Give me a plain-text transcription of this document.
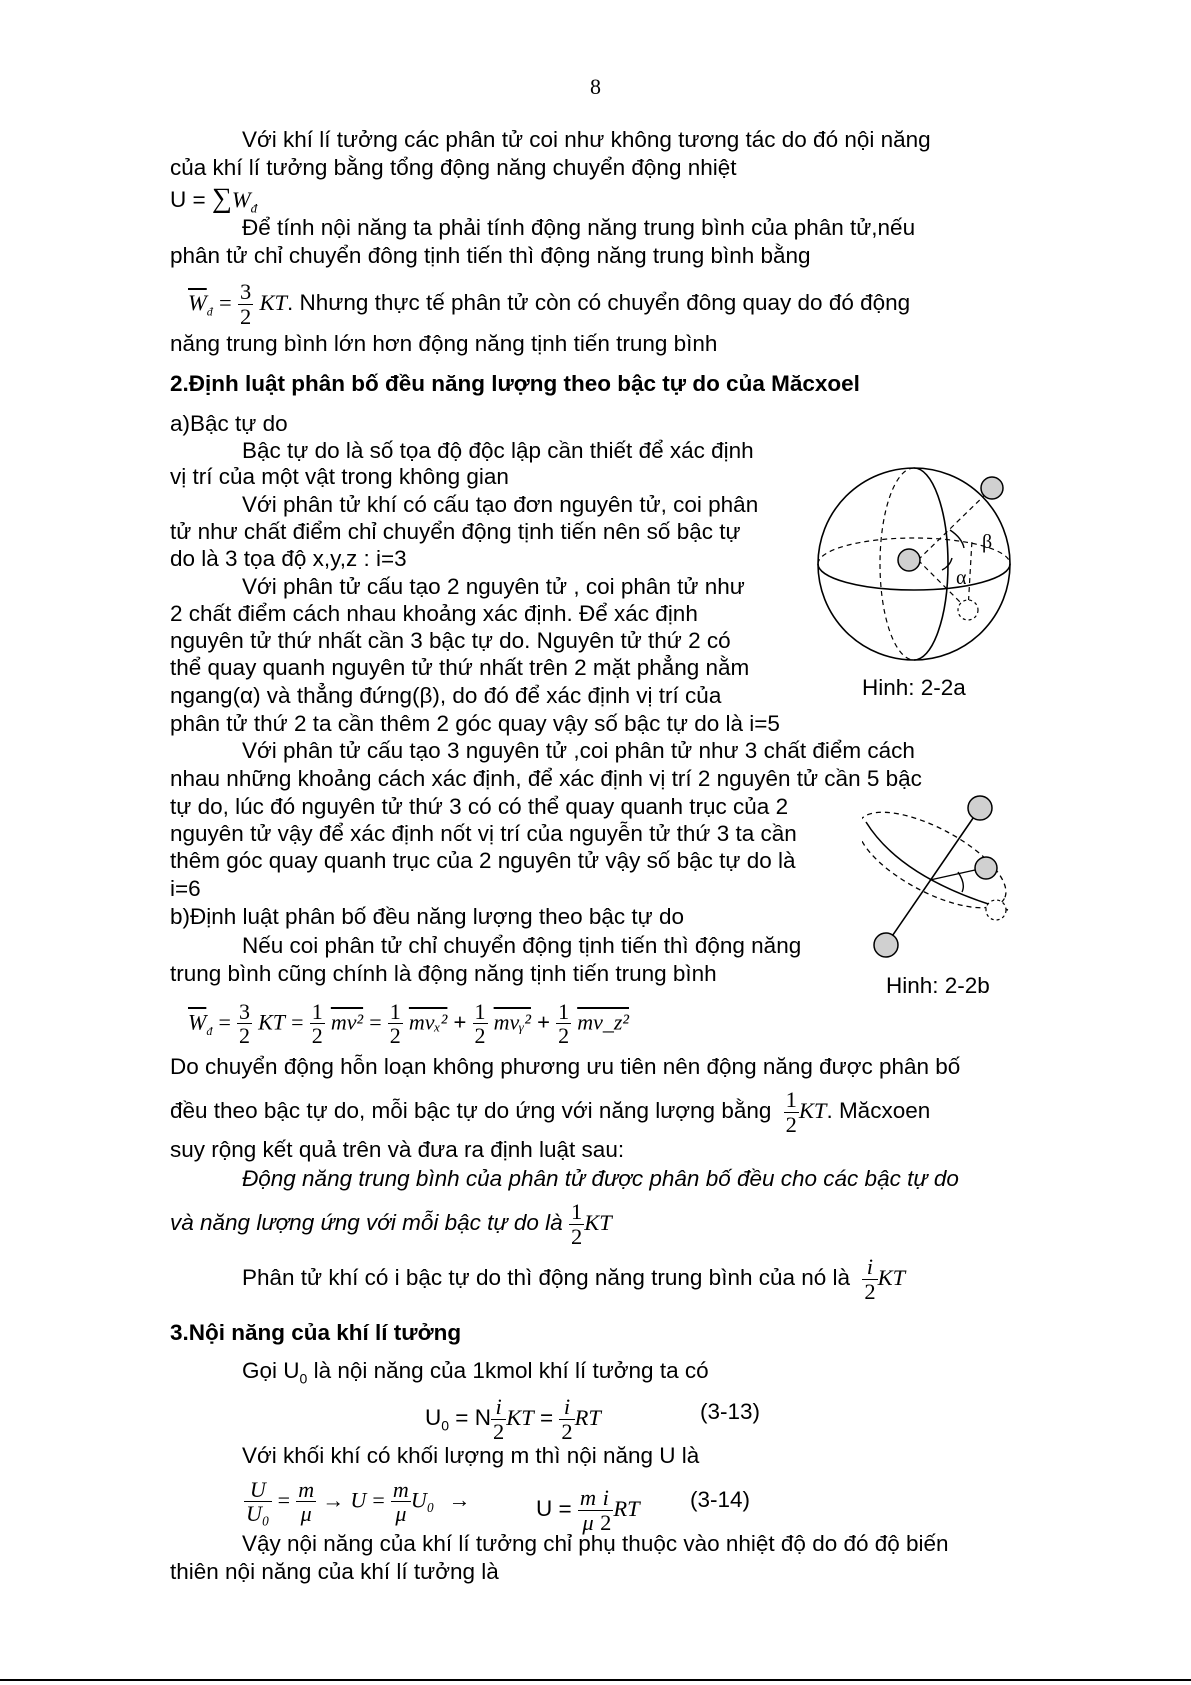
8
Với khí lí tưởng các phân tử coi như không tương tác do đó nội năng
của khí lí tưởng bằng tổng động năng chuyển động nhiệt
$U = \sum W_đ$
Để tính nội năng ta phải tính động năng trung bình của phân tử,nếu
phân tử chỉ chuyển đông tịnh tiến thì động năng trung bình bằng
$\overline{W}_đ = \frac{3}{2}$ KT. Nhưng thực tế phân tử còn có chuyển đông quay do đó động
năng trung bình lớn hơn động năng tịnh tiến trung bình
2.Định luật phân bố đều năng lượng theo bậc tự do của Măcxoel
a)Bậc tự do
Bậc tự do là số tọa độ độc lập cần thiết để xác định
vị trí của một vật trong không gian
Với phân tử khí có cấu tạo đơn nguyên tử, coi phân
tử như chất điểm chỉ chuyển động tịnh tiến nên số bậc tự
do là 3 tọa độ x,y,z : i=3
Với phân tử cấu tạo 2 nguyên tử , coi phân tử như
2 chất điểm cách nhau khoảng xác định. Để xác định
nguyên tử thứ nhất cần 3 bậc tự do. Nguyên tử thứ 2 có
thể quay quanh nguyên tử thứ nhất trên 2 mặt phẳng nằm
ngang(α) và thẳng đứng(β), do đó để xác định vị trí của
phân tử thứ 2 ta cần thêm 2 góc quay vậy số bậc tự do là i=5
Với phân tử cấu tạo 3 nguyên tử ,coi phân tử như 3 chất điểm cách
nhau những khoảng cách xác định, để xác định vị trí 2 nguyên tử cần 5 bậc
tự do, lúc đó nguyên tử thứ 3 có có thể quay quanh trục của 2
nguyên tử vậy để xác định nốt vị trí của nguyễn tử thứ 3 ta cần
thêm góc quay quanh trục của 2 nguyên tử vậy số bậc tự do là
i=6
β
α
Hinh: 2-2a
Hinh: 2-2b
b)Định luật phân bố đều năng lượng theo bậc tự do
Nếu coi phân tử chỉ chuyển động tịnh tiến thì động năng
trung bình cũng chính là động năng tịnh tiến trung bình
$\overline{W}_đ = \frac{3}{2}$ KT = $\frac{1}{2} mv^2 = \frac{1}{2} mv_x^2 + \frac{1}{2}$ mvᵧ² + $\frac{1}{2}$ mv_z²
Do chuyển động hỗn loạn không phương ưu tiên nên động năng được phân bố
đều theo bậc tự do, mỗi bậc tự do ứng với năng lượng bằng $\frac{1}{2}$ KT. Măcxoen
suy rộng kết quả trên và đưa ra định luật sau:
Động năng trung bình của phân tử được phân bố đều cho các bậc tự do
và năng lượng ứng với mỗi bậc tự do là $\frac{1}{2}$ KT
Phân tử khí có i bậc tự do thì động năng trung bình của nó là $\frac{i}{2}$ KT
3.Nội năng của khí lí tưởng
Gọi $U_0$ là nội năng của 1kmol khí lí tưởng ta có
$U_0 = N \frac{i}{2}$ KT = $\frac{i}{2}$ RT	(3-13)
Với khối khí có khối lượng m thì nội năng U là
$\frac{U}{\text{U₀}} = \frac{m}{\mu} \to U = \frac{m}{\mu} U_0$ →	$U = \frac{m}{\mu} \frac{i}{2}$ RT (3-14)
Vậy nội năng của khí lí tưởng chỉ phụ thuộc vào nhiệt độ do đó độ biến
thiên nội năng của khí lí tưởng là
